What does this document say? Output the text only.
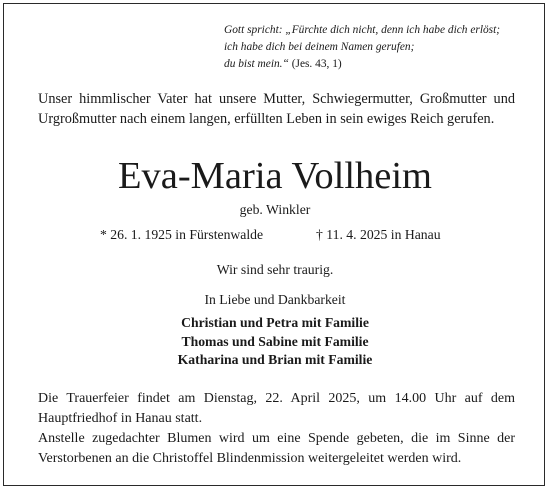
Gott spricht: „Fürchte dich nicht, denn ich habe dich erlöst;
ich habe dich bei deinem Namen gerufen;
du bist mein.“ (Jes. 43, 1)
Unser himmlischer Vater hat unsere Mutter, Schwiegermutter, Großmutter und Urgroßmutter nach einem langen, erfüllten Leben in sein ewiges Reich gerufen.
Eva-Maria Vollheim
geb. Winkler
* 26. 1. 1925 in Fürstenwalde	† 11. 4. 2025 in Hanau
Wir sind sehr traurig.
In Liebe und Dankbarkeit
Christian und Petra mit Familie
Thomas und Sabine mit Familie
Katharina und Brian mit Familie
Die Trauerfeier findet am Dienstag, 22. April 2025, um 14.00 Uhr auf dem Hauptfriedhof in Hanau statt.
Anstelle zugedachter Blumen wird um eine Spende gebeten, die im Sinne der Verstorbenen an die Christoffel Blindenmission weitergeleitet werden wird.
